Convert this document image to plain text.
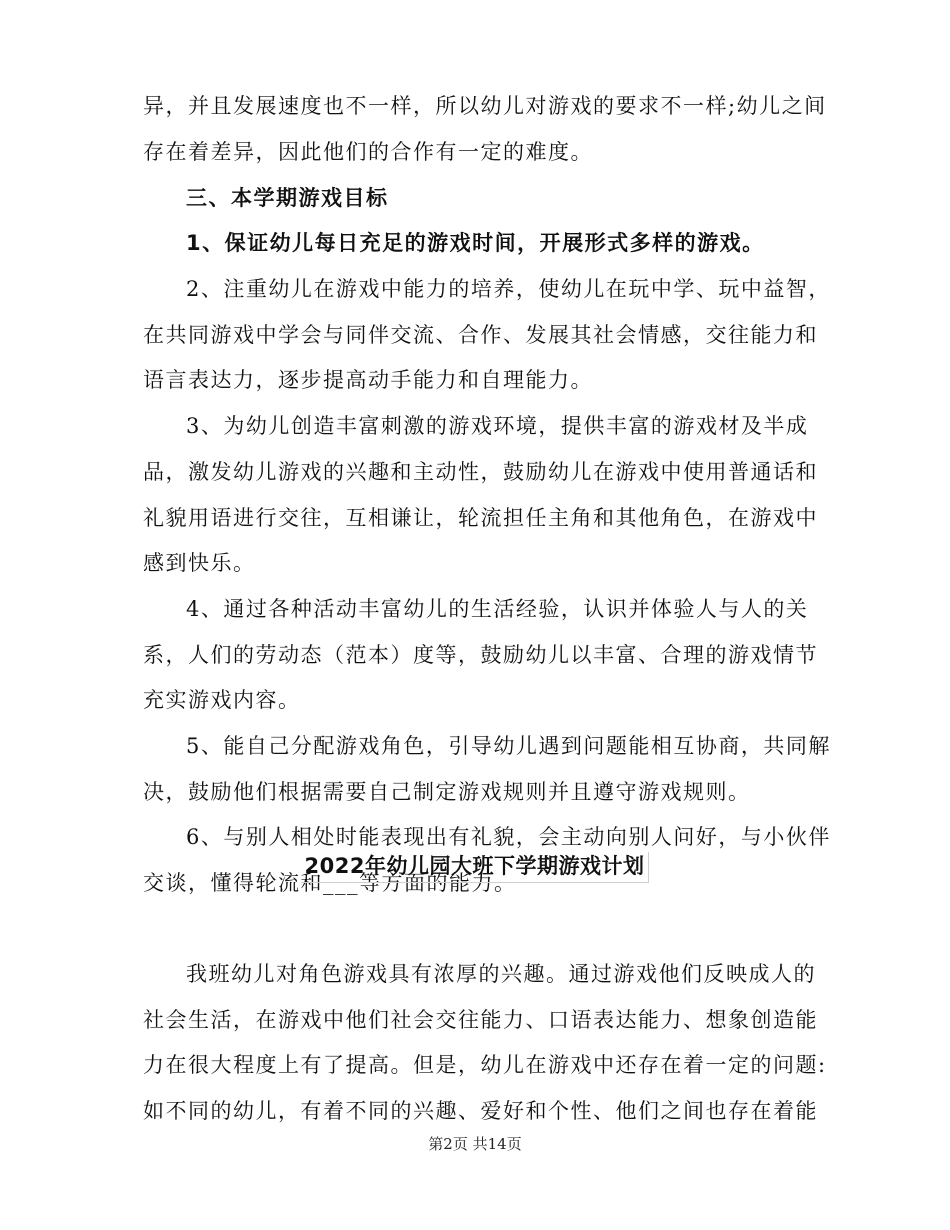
异，并且发展速度也不一样，所以幼儿对游戏的要求不一样;幼儿之间
存在着差异，因此他们的合作有一定的难度。
三、本学期游戏目标
1、保证幼儿每日充足的游戏时间，开展形式多样的游戏。
2、注重幼儿在游戏中能力的培养，使幼儿在玩中学、玩中益智，
在共同游戏中学会与同伴交流、合作、发展其社会情感，交往能力和
语言表达力，逐步提高动手能力和自理能力。
3、为幼儿创造丰富刺激的游戏环境，提供丰富的游戏材及半成
品，激发幼儿游戏的兴趣和主动性，鼓励幼儿在游戏中使用普通话和
礼貌用语进行交往，互相谦让，轮流担任主角和其他角色，在游戏中
感到快乐。
4、通过各种活动丰富幼儿的生活经验，认识并体验人与人的关
系，人们的劳动态（范本）度等，鼓励幼儿以丰富、合理的游戏情节
充实游戏内容。
5、能自己分配游戏角色，引导幼儿遇到问题能相互协商，共同解
决，鼓励他们根据需要自己制定游戏规则并且遵守游戏规则。
6、与别人相处时能表现出有礼貌，会主动向别人问好，与小伙伴
交谈，懂得轮流和___等方面的能力。
2022年幼儿园大班下学期游戏计划
我班幼儿对角色游戏具有浓厚的兴趣。通过游戏他们反映成人的
社会生活，在游戏中他们社会交往能力、口语表达能力、想象创造能
力在很大程度上有了提高。但是，幼儿在游戏中还存在着一定的问题:
如不同的幼儿，有着不同的兴趣、爱好和个性、他们之间也存在着能
第2页 共14页
